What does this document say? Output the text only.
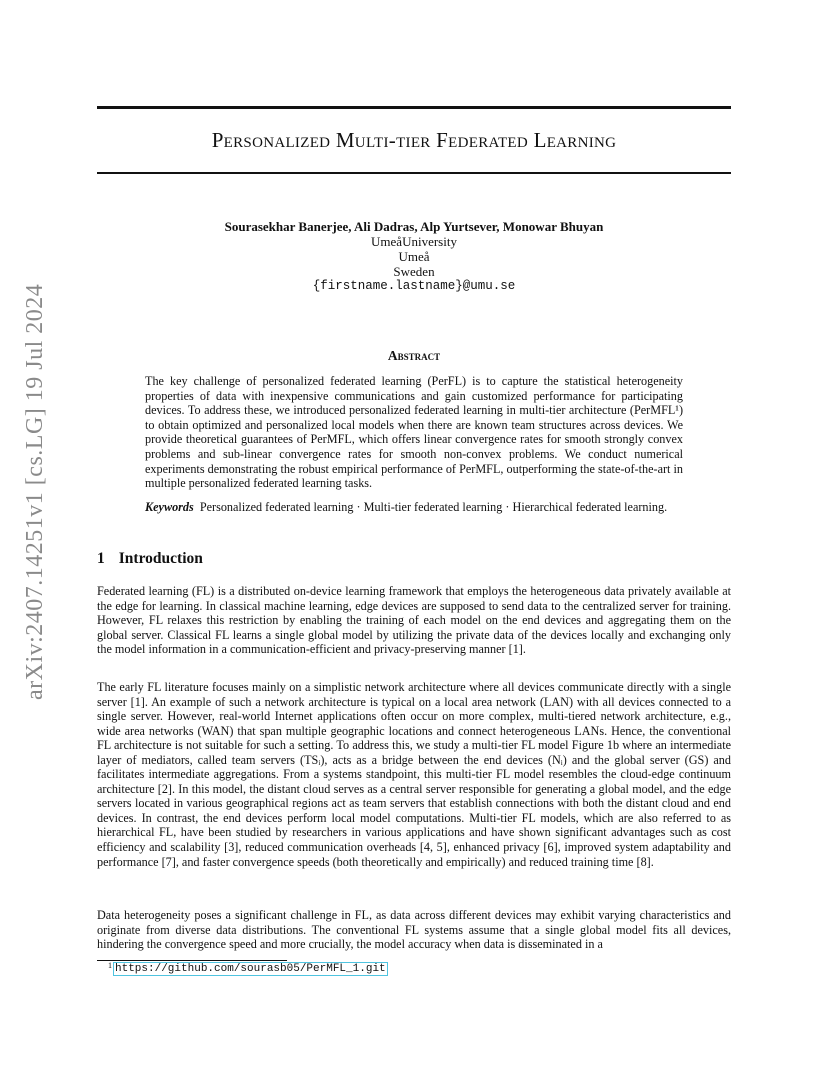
arXiv:2407.14251v1 [cs.LG] 19 Jul 2024
Personalized Multi-tier Federated Learning
Sourasekhar Banerjee, Ali Dadras, Alp Yurtsever, Monowar Bhuyan
UmeåUniversity
Umeå
Sweden
{firstname.lastname}@umu.se
Abstract
The key challenge of personalized federated learning (PerFL) is to capture the statistical heterogeneity properties of data with inexpensive communications and gain customized performance for participating devices. To address these, we introduced personalized federated learning in multi-tier architecture (PerMFL¹) to obtain optimized and personalized local models when there are known team structures across devices. We provide theoretical guarantees of PerMFL, which offers linear convergence rates for smooth strongly convex problems and sub-linear convergence rates for smooth non-convex problems. We conduct numerical experiments demonstrating the robust empirical performance of PerMFL, outperforming the state-of-the-art in multiple personalized federated learning tasks.
Keywords Personalized federated learning · Multi-tier federated learning · Hierarchical federated learning.
1 Introduction
Federated learning (FL) is a distributed on-device learning framework that employs the heterogeneous data privately available at the edge for learning. In classical machine learning, edge devices are supposed to send data to the centralized server for training. However, FL relaxes this restriction by enabling the training of each model on the end devices and aggregating them on the global server. Classical FL learns a single global model by utilizing the private data of the devices locally and exchanging only the model information in a communication-efficient and privacy-preserving manner [1].
The early FL literature focuses mainly on a simplistic network architecture where all devices communicate directly with a single server [1]. An example of such a network architecture is typical on a local area network (LAN) with all devices connected to a single server. However, real-world Internet applications often occur on more complex, multi-tiered network architecture, e.g., wide area networks (WAN) that span multiple geographic locations and connect heterogeneous LANs. Hence, the conventional FL architecture is not suitable for such a setting. To address this, we study a multi-tier FL model Figure 1b where an intermediate layer of mediators, called team servers (TSᵢ), acts as a bridge between the end devices (Nᵢ) and the global server (GS) and facilitates intermediate aggregations. From a systems standpoint, this multi-tier FL model resembles the cloud-edge continuum architecture [2]. In this model, the distant cloud serves as a central server responsible for generating a global model, and the edge servers located in various geographical regions act as team servers that establish connections with both the distant cloud and end devices. In contrast, the end devices perform local model computations. Multi-tier FL models, which are also referred to as hierarchical FL, have been studied by researchers in various applications and have shown significant advantages such as cost efficiency and scalability [3], reduced communication overheads [4, 5], enhanced privacy [6], improved system adaptability and performance [7], and faster convergence speeds (both theoretically and empirically) and reduced training time [8].
Data heterogeneity poses a significant challenge in FL, as data across different devices may exhibit varying characteristics and originate from diverse data distributions. The conventional FL systems assume that a single global model fits all devices, hindering the convergence speed and more crucially, the model accuracy when data is disseminated in a
1 https://github.com/sourasb05/PerMFL_1.git
